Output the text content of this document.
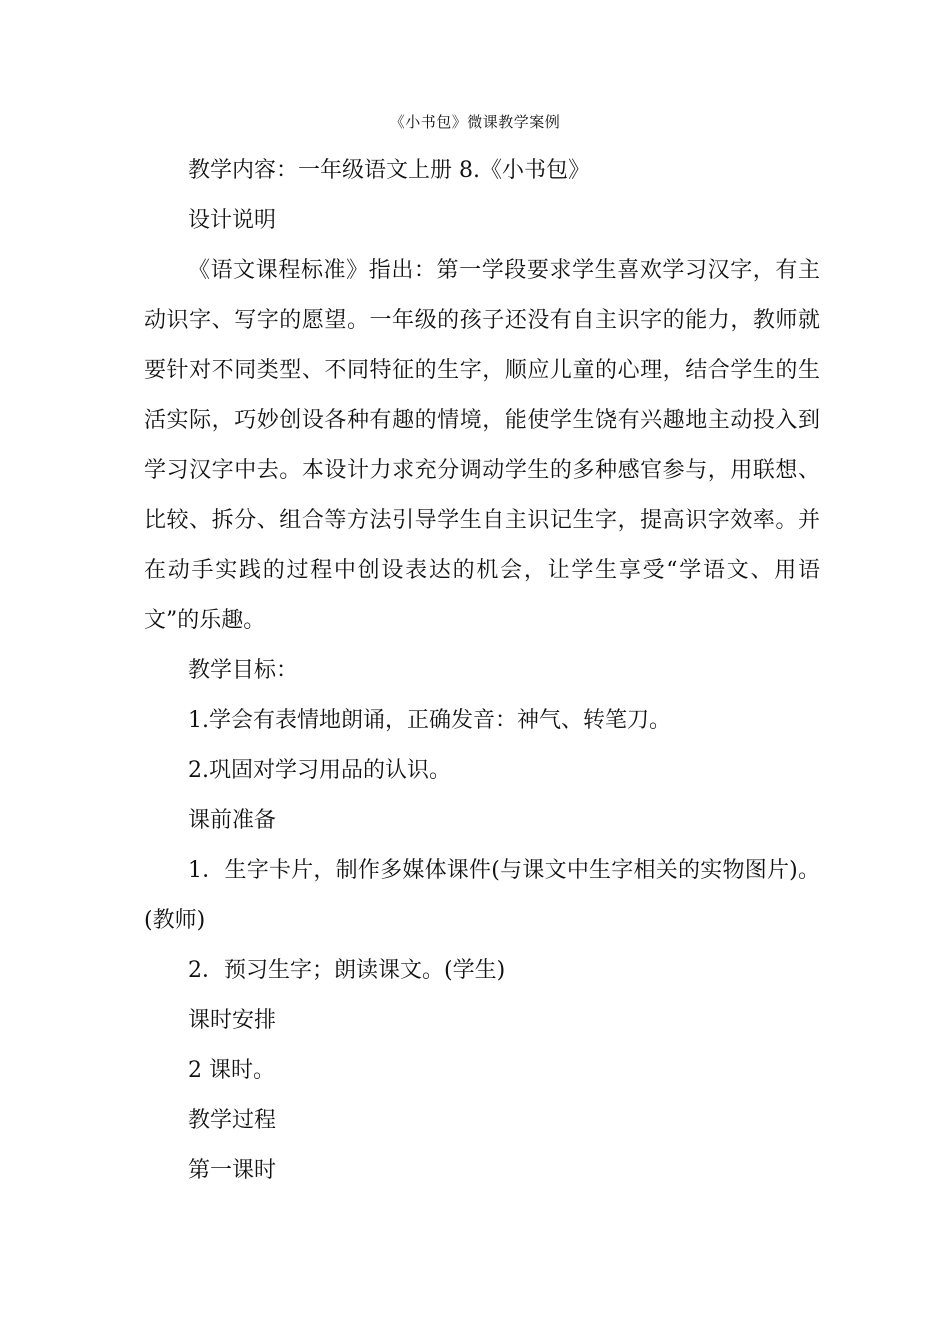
《小书包》微课教学案例

教学内容：一年级语文上册 8.《小书包》

设计说明

《语文课程标准》指出：第一学段要求学生喜欢学习汉字，有主动识字、写字的愿望。一年级的孩子还没有自主识字的能力，教师就要针对不同类型、不同特征的生字，顺应儿童的心理，结合学生的生活实际，巧妙创设各种有趣的情境，能使学生饶有兴趣地主动投入到学习汉字中去。本设计力求充分调动学生的多种感官参与，用联想、比较、拆分、组合等方法引导学生自主识记生字，提高识字效率。并在动手实践的过程中创设表达的机会，让学生享受“学语文、用语文”的乐趣。

教学目标：

1.学会有表情地朗诵，正确发音：神气、转笔刀。

2.巩固对学习用品的认识。

课前准备

1．生字卡片，制作多媒体课件(与课文中生字相关的实物图片)。(教师)

2．预习生字；朗读课文。(学生)

课时安排

2 课时。

教学过程

第一课时
